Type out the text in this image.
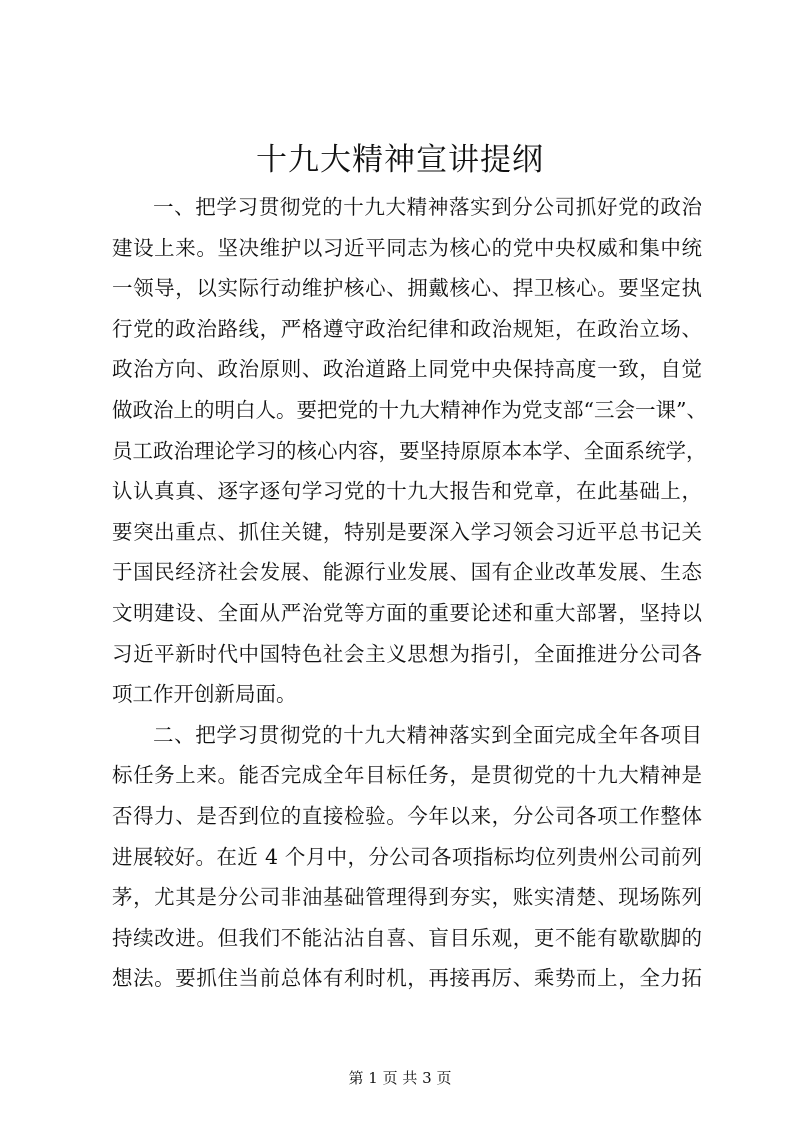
十九大精神宣讲提纲
一、把学习贯彻党的十九大精神落实到分公司抓好党的政治
建设上来。坚决维护以习近平同志为核心的党中央权威和集中统
一领导，以实际行动维护核心、拥戴核心、捍卫核心。要坚定执
行党的政治路线，严格遵守政治纪律和政治规矩，在政治立场、
政治方向、政治原则、政治道路上同党中央保持高度一致，自觉
做政治上的明白人。要把党的十九大精神作为党支部“三会一课”、
员工政治理论学习的核心内容，要坚持原原本本学、全面系统学，
认认真真、逐字逐句学习党的十九大报告和党章，在此基础上，
要突出重点、抓住关键，特别是要深入学习领会习近平总书记关
于国民经济社会发展、能源行业发展、国有企业改革发展、生态
文明建设、全面从严治党等方面的重要论述和重大部署，坚持以
习近平新时代中国特色社会主义思想为指引，全面推进分公司各
项工作开创新局面。
二、把学习贯彻党的十九大精神落实到全面完成全年各项目
标任务上来。能否完成全年目标任务，是贯彻党的十九大精神是
否得力、是否到位的直接检验。今年以来，分公司各项工作整体
进展较好。在近 4 个月中，分公司各项指标均位列贵州公司前列
茅，尤其是分公司非油基础管理得到夯实，账实清楚、现场陈列
持续改进。但我们不能沾沾自喜、盲目乐观，更不能有歇歇脚的
想法。要抓住当前总体有利时机，再接再厉、乘势而上，全力拓
第 1 页 共 3 页
